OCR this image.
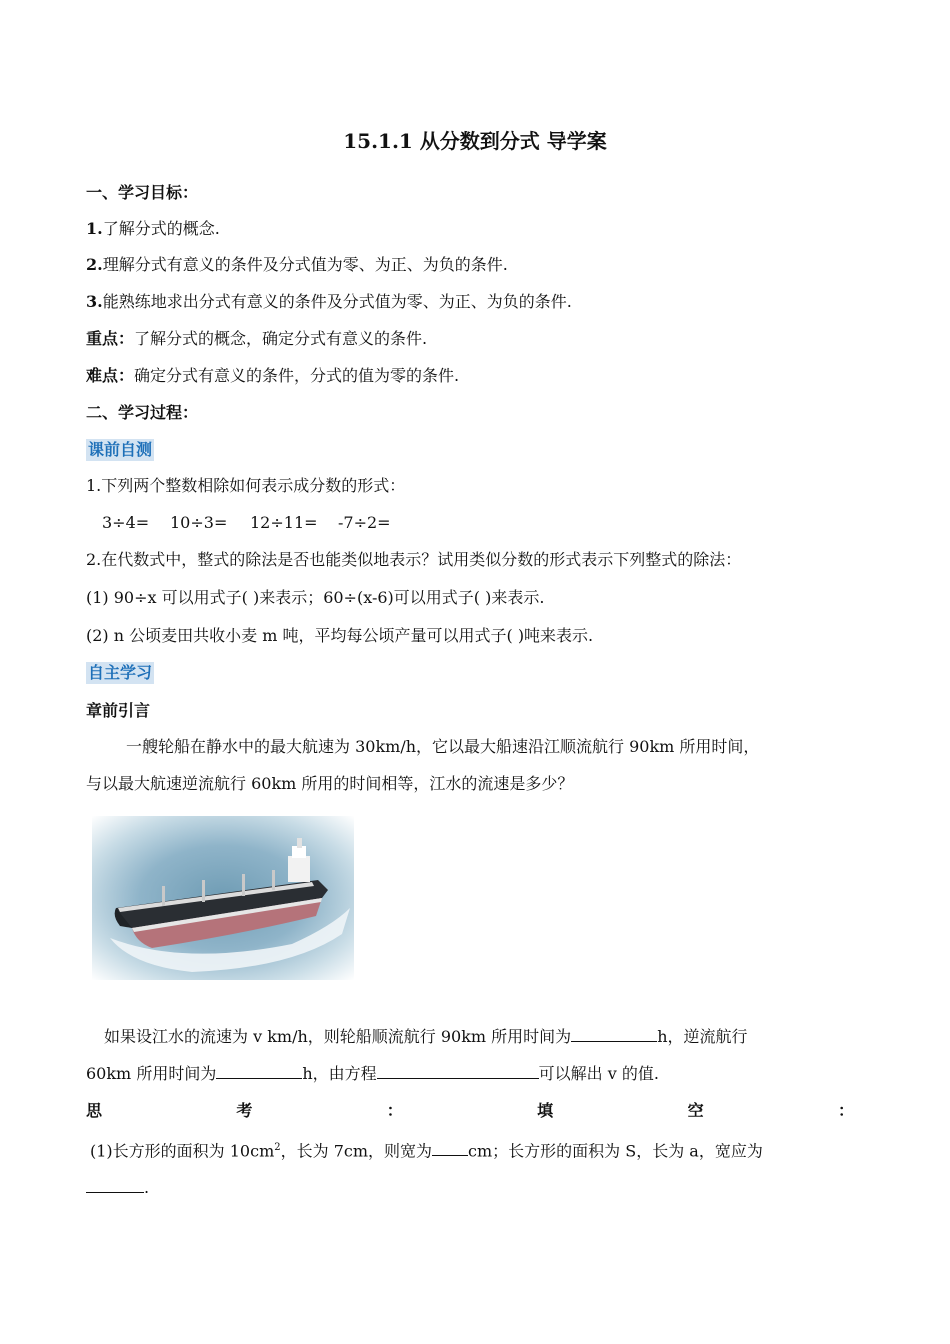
15.1.1 从分数到分式 导学案
一、学习目标：
1.了解分式的概念.
2.理解分式有意义的条件及分式值为零、为正、为负的条件.
3.能熟练地求出分式有意义的条件及分式值为零、为正、为负的条件.
重点：了解分式的概念，确定分式有意义的条件.
难点：确定分式有意义的条件，分式的值为零的条件.
二、学习过程：
课前自测
1.下列两个整数相除如何表示成分数的形式：
3÷4= 10÷3= 12÷11= -7÷2=
2.在代数式中，整式的除法是否也能类似地表示？试用类似分数的形式表示下列整式的除法：
(1) 90÷x 可以用式子( )来表示；60÷(x-6)可以用式子( )来表示.
(2) n 公顷麦田共收小麦 m 吨，平均每公顷产量可以用式子( )吨来表示.
自主学习
章前引言
一艘轮船在静水中的最大航速为 30km/h，它以最大船速沿江顺流航行 90km 所用时间，
与以最大航速逆流航行 60km 所用的时间相等，江水的流速是多少？
如果设江水的流速为 v km/h，则轮船顺流航行 90km 所用时间为	h，逆流航行
60km 所用时间为	h，由方程	可以解出 v 的值.
思	考	：	填	空	：
(1)长方形的面积为 $10cm^2$，长为 7cm，则宽为 cm；长方形的面积为 S，长为 a，宽应为
.
